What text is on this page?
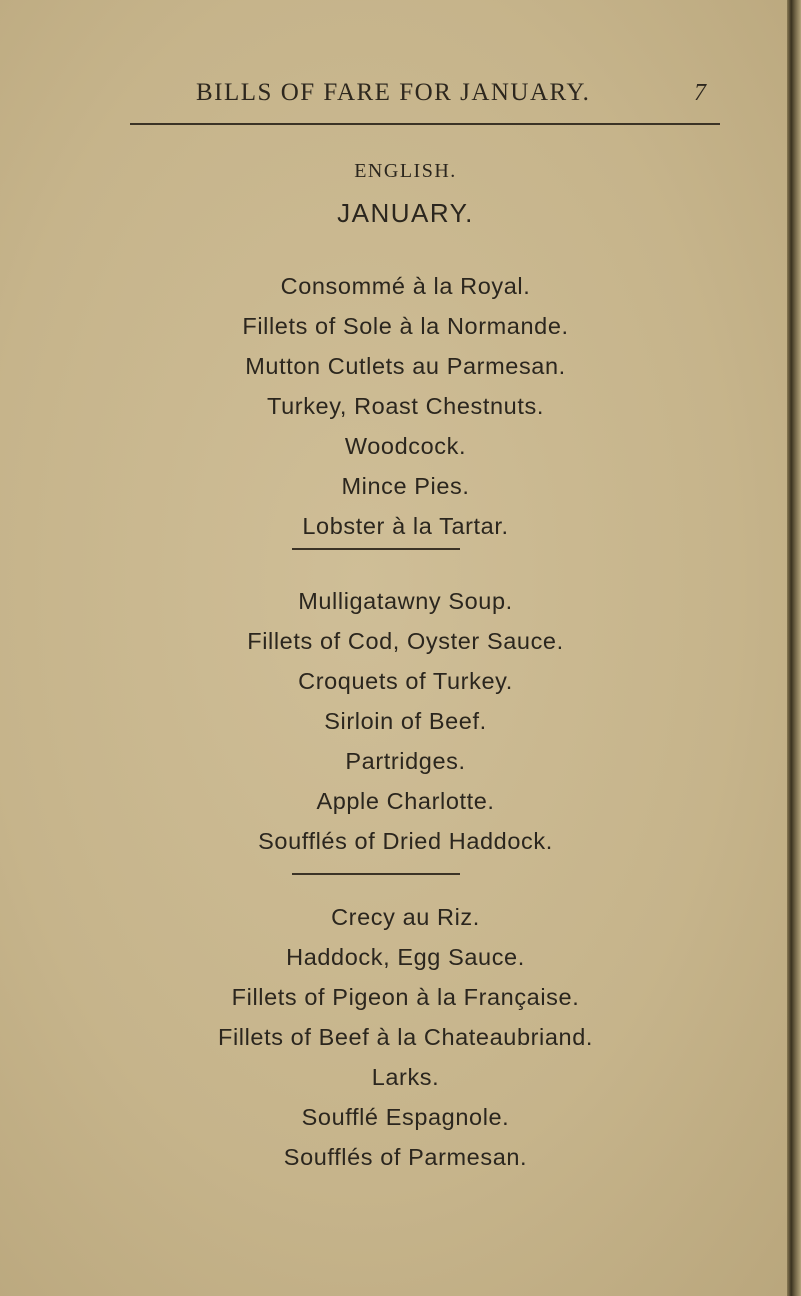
BILLS OF FARE FOR JANUARY.	7
ENGLISH.
JANUARY.
Consommé à la Royal.
Fillets of Sole à la Normande.
Mutton Cutlets au Parmesan.
Turkey, Roast Chestnuts.
Woodcock.
Mince Pies.
Lobster à la Tartar.
Mulligatawny Soup.
Fillets of Cod, Oyster Sauce.
Croquets of Turkey.
Sirloin of Beef.
Partridges.
Apple Charlotte.
Soufflés of Dried Haddock.
Crecy au Riz.
Haddock, Egg Sauce.
Fillets of Pigeon à la Française.
Fillets of Beef à la Chateaubriand.
Larks.
Soufflé Espagnole.
Soufflés of Parmesan.
